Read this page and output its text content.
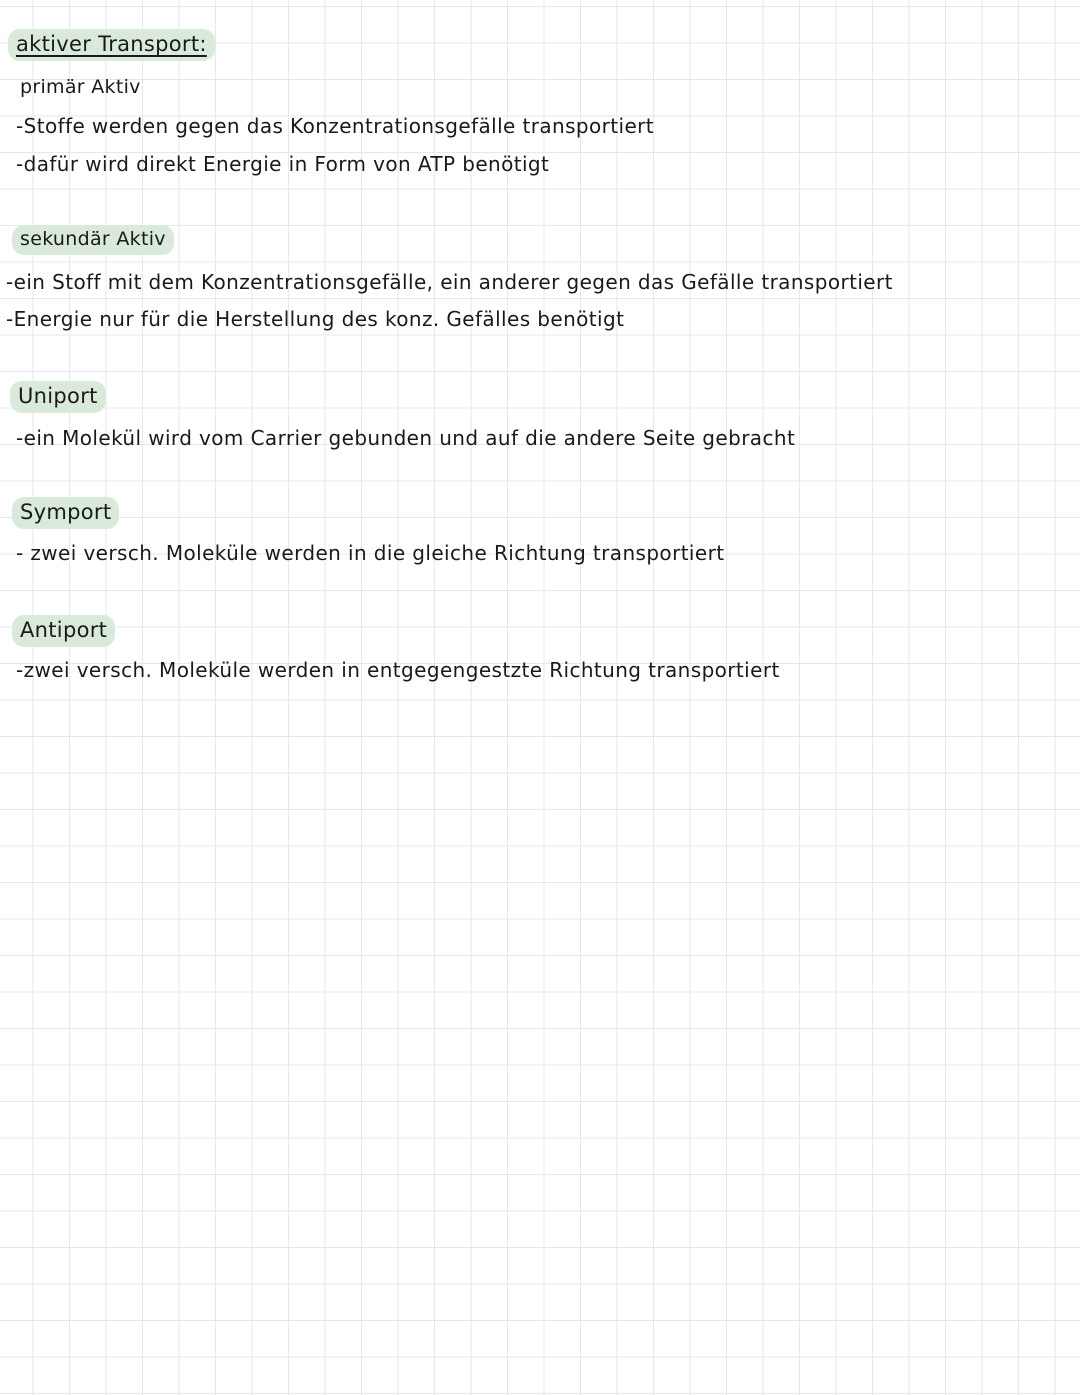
aktiver Transport:
primär Aktiv
-Stoffe werden gegen das Konzentrationsgefälle transportiert
-dafür wird direkt Energie in Form von ATP benötigt
sekundär Aktiv
-ein Stoff mit dem Konzentrationsgefälle, ein anderer gegen das Gefälle transportiert
-Energie nur für die Herstellung des konz. Gefälles benötigt
Uniport
-ein Molekül wird vom Carrier gebunden und auf die andere Seite gebracht
Symport
- zwei versch. Moleküle werden in die gleiche Richtung transportiert
Antiport
-zwei versch. Moleküle werden in entgegengestzte Richtung transportiert
